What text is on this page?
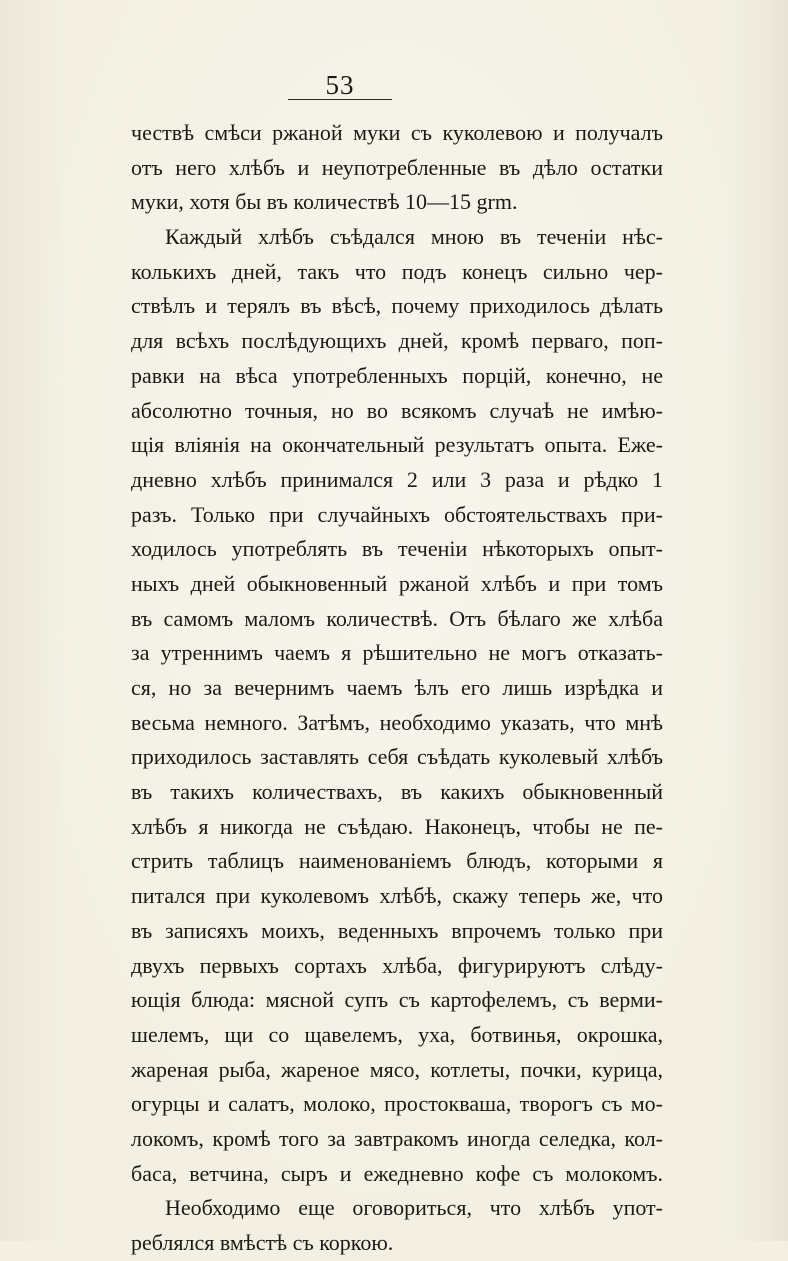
53
чествѣ смѣси ржаной муки съ куколевою и получалъ
отъ него хлѣбъ и неупотребленные въ дѣло остатки
муки, хотя бы въ количествѣ 10—15 grm.
Каждый хлѣбъ съѣдался мною въ теченіи нѣс-
колькихъ дней, такъ что подъ конецъ сильно чер-
ствѣлъ и терялъ въ вѣсѣ, почему приходилось дѣлать
для всѣхъ послѣдующихъ дней, кромѣ перваго, поп-
равки на вѣса употребленныхъ порцій, конечно, не
абсолютно точныя, но во всякомъ случаѣ не имѣю-
щія вліянія на окончательный результатъ опыта. Еже-
дневно хлѣбъ принимался 2 или 3 раза и рѣдко 1
разъ. Только при случайныхъ обстоятельствахъ при-
ходилось употреблять въ теченіи нѣкоторыхъ опыт-
ныхъ дней обыкновенный ржаной хлѣбъ и при томъ
въ самомъ маломъ количествѣ. Отъ бѣлаго же хлѣба
за утреннимъ чаемъ я рѣшительно не могъ отказать-
ся, но за вечернимъ чаемъ ѣлъ его лишь изрѣдка и
весьма немного. Затѣмъ, необходимо указать, что мнѣ
приходилось заставлять себя съѣдать куколевый хлѣбъ
въ такихъ количествахъ, въ какихъ обыкновенный
хлѣбъ я никогда не съѣдаю. Наконецъ, чтобы не пе-
стрить таблицъ наименованіемъ блюдъ, которыми я
питался при куколевомъ хлѣбѣ, скажу теперь же, что
въ записяхъ моихъ, веденныхъ впрочемъ только при
двухъ первыхъ сортахъ хлѣба, фигурируютъ слѣду-
ющія блюда: мясной супъ съ картофелемъ, съ верми-
шелемъ, щи со щавелемъ, уха, ботвинья, окрошка,
жареная рыба, жареное мясо, котлеты, почки, курица,
огурцы и салатъ, молоко, простокваша, творогъ съ мо-
локомъ, кромѣ того за завтракомъ иногда селедка, кол-
баса, ветчина, сыръ и ежедневно кофе съ молокомъ.
Необходимо еще оговориться, что хлѣбъ упот-
реблялся вмѣстѣ съ коркою.
